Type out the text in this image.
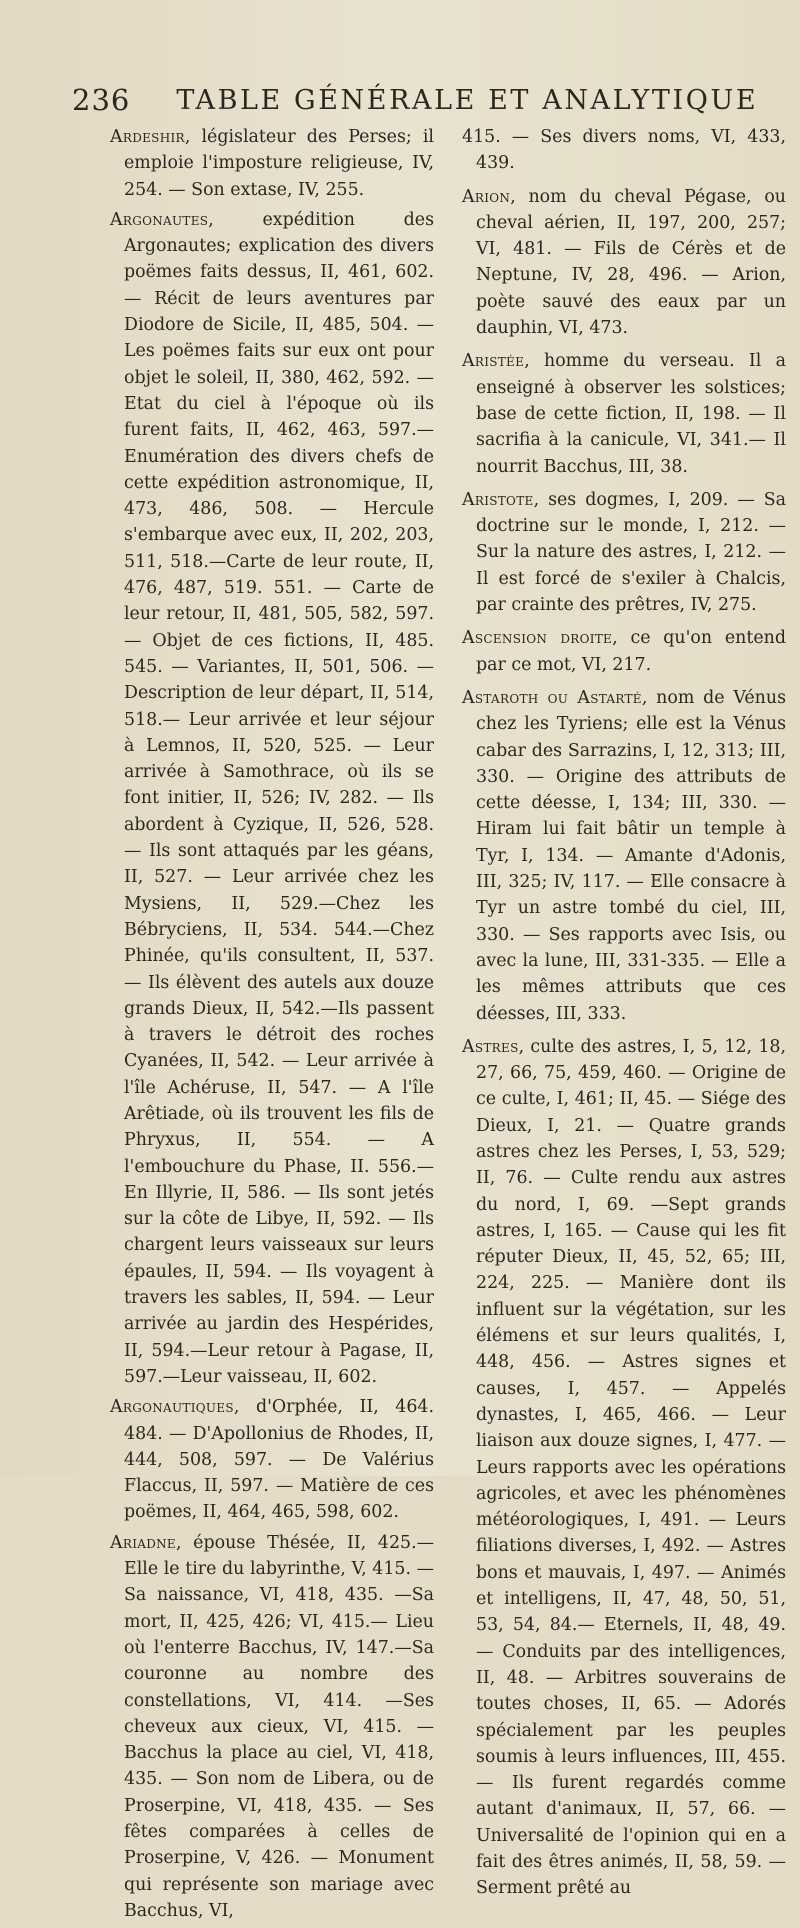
236 TABLE GÉNÉRALE ET ANALYTIQUE

Ardeshir, législateur des Perses; il emploie l'imposture religieuse, IV, 254. — Son extase, IV, 255.

Argonautes, expédition des Argonautes; explication des divers poëmes faits dessus, II, 461, 602. — Récit de leurs aventures par Diodore de Sicile, II, 485, 504. — Les poëmes faits sur eux ont pour objet le soleil, II, 380, 462, 592. — Etat du ciel à l'époque où ils furent faits, II, 462, 463, 597.—Enumération des divers chefs de cette expédition astronomique, II, 473, 486, 508. — Hercule s'embarque avec eux, II, 202, 203, 511, 518.—Carte de leur route, II, 476, 487, 519. 551. — Carte de leur retour, II, 481, 505, 582, 597. — Objet de ces fictions, II, 485. 545. — Variantes, II, 501, 506. — Description de leur départ, II, 514, 518.— Leur arrivée et leur séjour à Lemnos, II, 520, 525. — Leur arrivée à Samothrace, où ils se font initier, II, 526; IV, 282. — Ils abordent à Cyzique, II, 526, 528. — Ils sont attaqués par les géans, II, 527. — Leur arrivée chez les Mysiens, II, 529.—Chez les Bébryciens, II, 534. 544.—Chez Phinée, qu'ils consultent, II, 537. — Ils élèvent des autels aux douze grands Dieux, II, 542.—Ils passent à travers le détroit des roches Cyanées, II, 542. — Leur arrivée à l'île Achéruse, II, 547. — A l'île Arêtiade, où ils trouvent les fils de Phryxus, II, 554. — A l'embouchure du Phase, II. 556.—En Illyrie, II, 586. — Ils sont jetés sur la côte de Libye, II, 592. — Ils chargent leurs vaisseaux sur leurs épaules, II, 594. — Ils voyagent à travers les sables, II, 594. — Leur arrivée au jardin des Hespérides, II, 594.—Leur retour à Pagase, II, 597.—Leur vaisseau, II, 602.

Argonautiques, d'Orphée, II, 464. 484. — D'Apollonius de Rhodes, II, 444, 508, 597. — De Valérius Flaccus, II, 597. — Matière de ces poëmes, II, 464, 465, 598, 602.

Ariadne, épouse Thésée, II, 425.—Elle le tire du labyrinthe, V, 415. —Sa naissance, VI, 418, 435. —Sa mort, II, 425, 426; VI, 415.— Lieu où l'enterre Bacchus, IV, 147.—Sa couronne au nombre des constellations, VI, 414. —Ses cheveux aux cieux, VI, 415. — Bacchus la place au ciel, VI, 418, 435. — Son nom de Libera, ou de Proserpine, VI, 418, 435. — Ses fêtes comparées à celles de Proserpine, V, 426. — Monument qui représente son mariage avec Bacchus, VI,

415. — Ses divers noms, VI, 433, 439.

Arion, nom du cheval Pégase, ou cheval aérien, II, 197, 200, 257; VI, 481. — Fils de Cérès et de Neptune, IV, 28, 496. — Arion, poète sauvé des eaux par un dauphin, VI, 473.

Aristée, homme du verseau. Il a enseigné à observer les solstices; base de cette fiction, II, 198. — Il sacrifia à la canicule, VI, 341.— Il nourrit Bacchus, III, 38.

Aristote, ses dogmes, I, 209. — Sa doctrine sur le monde, I, 212. — Sur la nature des astres, I, 212. — Il est forcé de s'exiler à Chalcis, par crainte des prêtres, IV, 275.

Ascension droite, ce qu'on entend par ce mot, VI, 217.

Astaroth ou Astarté, nom de Vénus chez les Tyriens; elle est la Vénus cabar des Sarrazins, I, 12, 313; III, 330. — Origine des attributs de cette déesse, I, 134; III, 330. — Hiram lui fait bâtir un temple à Tyr, I, 134. — Amante d'Adonis, III, 325; IV, 117. — Elle consacre à Tyr un astre tombé du ciel, III, 330. — Ses rapports avec Isis, ou avec la lune, III, 331-335. — Elle a les mêmes attributs que ces déesses, III, 333.

Astres, culte des astres, I, 5, 12, 18, 27, 66, 75, 459, 460. — Origine de ce culte, I, 461; II, 45. — Siége des Dieux, I, 21. — Quatre grands astres chez les Perses, I, 53, 529; II, 76. — Culte rendu aux astres du nord, I, 69. —Sept grands astres, I, 165. — Cause qui les fit réputer Dieux, II, 45, 52, 65; III, 224, 225. — Manière dont ils influent sur la végétation, sur les élémens et sur leurs qualités, I, 448, 456. — Astres signes et causes, I, 457. — Appelés dynastes, I, 465, 466. — Leur liaison aux douze signes, I, 477. — Leurs rapports avec les opérations agricoles, et avec les phénomènes météorologiques, I, 491. — Leurs filiations diverses, I, 492. — Astres bons et mauvais, I, 497. — Animés et intelligens, II, 47, 48, 50, 51, 53, 54, 84.— Eternels, II, 48, 49. — Conduits par des intelligences, II, 48. — Arbitres souverains de toutes choses, II, 65. — Adorés spécialement par les peuples soumis à leurs influences, III, 455.— Ils furent regardés comme autant d'animaux, II, 57, 66. — Universalité de l'opinion qui en a fait des êtres animés, II, 58, 59. — Serment prêté au
